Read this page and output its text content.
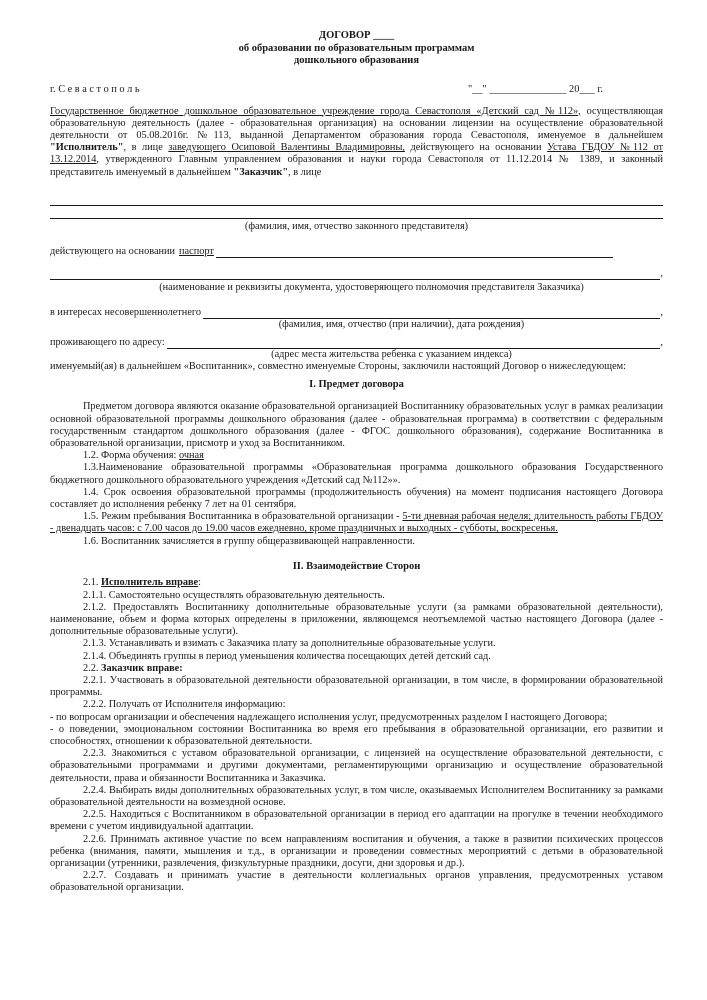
ДОГОВОР ____

об образовании по образовательным программам

дошкольного образования

г. С е в а с т о п о л ь	"__" _______________ 20___ г.

Государственное бюджетное дошкольное образовательное учреждение города Севастополя «Детский сад №112», осуществляющая образовательную деятельность (далее - образовательная организация) на основании лицензии на осуществление образовательной деятельности от 05.08.2016г. №113, выданной Департаментом образования города Севастополя, именуемое в дальнейшем "Исполнитель", в лице заведующего Осиповой Валентины Владимировны, действующего на основании Устава ГБДОУ №112 от 13.12.2014, утвержденного Главным управлением образования и науки города Севастополя от 11.12.2014 № 1389, и законный представитель именуемый в дальнейшем "Заказчик", в лице

(фамилия, имя, отчество законного представителя)
действующего на основании паспорт
,
(наименование и реквизиты документа, удостоверяющего полномочия представителя Заказчика)
в интересах несовершеннолетнего	,
(фамилия, имя, отчество (при наличии), дата рождения)
проживающего по адресу:	,
(адрес места жительства ребенка с указанием индекса)

именуемый(ая) в дальнейшем «Воспитанник», совместно именуемые Стороны, заключили настоящий Договор о нижеследующем:

I. Предмет договора

Предметом договора являются оказание образовательной организацией Воспитаннику образовательных услуг в рамках реализации основной образовательной программы дошкольного образования (далее - образовательная программа) в соответствии с федеральным государственным стандартом дошкольного образования (далее - ФГОС дошкольного образования), содержание Воспитанника в образовательной организации, присмотр и уход за Воспитанником.

1.2. Форма обучения: очная

1.3.Наименование образовательной программы «Образовательная программа дошкольного образования Государственного бюджетного дошкольного образовательного учреждения «Детский сад №112»».

1.4. Срок освоения образовательной программы (продолжительность обучения) на момент подписания настоящего Договора составляет до исполнения ребенку 7 лет на 01 сентября.

1.5. Режим пребывания Воспитанника в образовательной организации - 5-ти дневная рабочая неделя; длительность работы ГБДОУ - двенадцать часов: с 7.00 часов до 19.00 часов ежедневно, кроме праздничных и выходных - субботы, воскресенья.

1.6. Воспитанник зачисляется в группу общеразвивающей направленности.

II. Взаимодействие Сторон

2.1. Исполнитель вправе:

2.1.1. Самостоятельно осуществлять образовательную деятельность.

2.1.2. Предоставлять Воспитаннику дополнительные образовательные услуги (за рамками образовательной деятельности), наименование, объем и форма которых определены в приложении, являющемся неотъемлемой частью настоящего Договора (далее - дополнительные образовательные услуги).

2.1.3. Устанавливать и взимать с Заказчика плату за дополнительные образовательные услуги.

2.1.4. Объединять группы в период уменьшения количества посещающих детей детский сад.

2.2. Заказчик вправе:

2.2.1. Участвовать в образовательной деятельности образовательной организации, в том числе, в формировании образовательной программы.

2.2.2. Получать от Исполнителя информацию:

- по вопросам организации и обеспечения надлежащего исполнения услуг, предусмотренных разделом I настоящего Договора;

- о поведении, эмоциональном состоянии Воспитанника во время его пребывания в образовательной организации, его развитии и способностях, отношении к образовательной деятельности.

2.2.3. Знакомиться с уставом образовательной организации, с лицензией на осуществление образовательной деятельности, с образовательными программами и другими документами, регламентирующими организацию и осуществление образовательной деятельности, права и обязанности Воспитанника и Заказчика.

2.2.4. Выбирать виды дополнительных образовательных услуг, в том числе, оказываемых Исполнителем Воспитаннику за рамками образовательной деятельности на возмездной основе.

2.2.5. Находиться с Воспитанником в образовательной организации в период его адаптации на прогулке в течении необходимого времени с учетом индивидуальной адаптации.

2.2.6. Принимать активное участие по всем направлениям воспитания и обучения, а также в развитии психических процессов ребенка (внимания, памяти, мышления и т.д., в организации и проведении совместных мероприятий с детьми в образовательной организации (утренники, развлечения, физкультурные праздники, досуги, дни здоровья и др.).

2.2.7. Создавать и принимать участие в деятельности коллегиальных органов управления, предусмотренных уставом образовательной организации.
